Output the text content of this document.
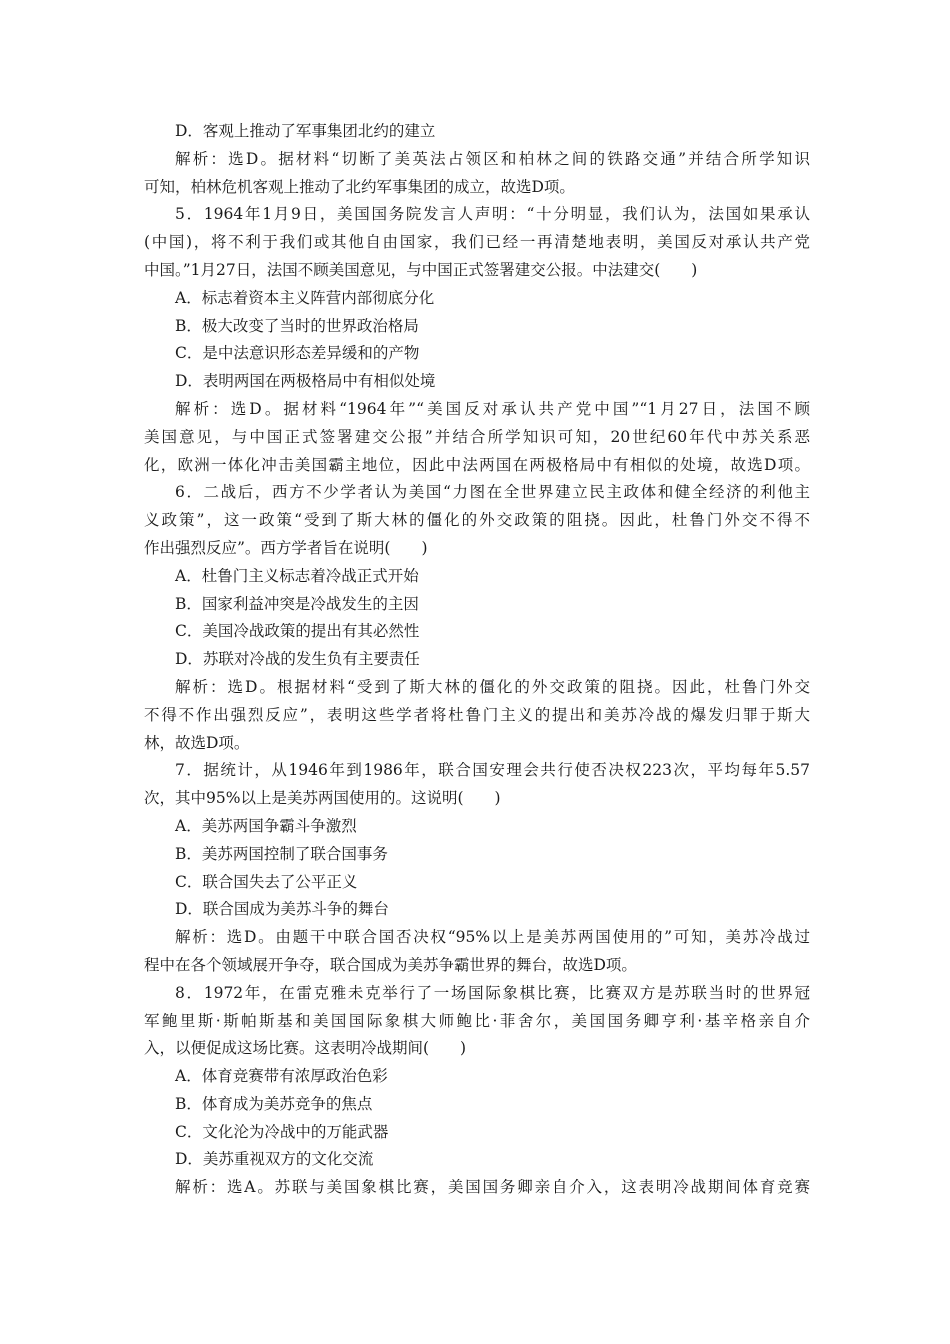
D．客观上推动了军事集团北约的建立
解析：选D。据材料“切断了美英法占领区和柏林之间的铁路交通”并结合所学知识
可知，柏林危机客观上推动了北约军事集团的成立，故选D项。
5．1964年1月9日，美国国务院发言人声明：“十分明显，我们认为，法国如果承认
(中国)，将不利于我们或其他自由国家，我们已经一再清楚地表明，美国反对承认共产党
中国。”1月27日，法国不顾美国意见，与中国正式签署建交公报。中法建交(　　)
A．标志着资本主义阵营内部彻底分化
B．极大改变了当时的世界政治格局
C．是中法意识形态差异缓和的产物
D．表明两国在两极格局中有相似处境
解析：选D。据材料“1964年”“美国反对承认共产党中国”“1月27日，法国不顾
美国意见，与中国正式签署建交公报”并结合所学知识可知，20世纪60年代中苏关系恶
化，欧洲一体化冲击美国霸主地位，因此中法两国在两极格局中有相似的处境，故选D项。
6．二战后，西方不少学者认为美国“力图在全世界建立民主政体和健全经济的利他主
义政策”，这一政策“受到了斯大林的僵化的外交政策的阻挠。因此，杜鲁门外交不得不
作出强烈反应”。西方学者旨在说明(　　)
A．杜鲁门主义标志着冷战正式开始
B．国家利益冲突是冷战发生的主因
C．美国冷战政策的提出有其必然性
D．苏联对冷战的发生负有主要责任
解析：选D。根据材料“受到了斯大林的僵化的外交政策的阻挠。因此，杜鲁门外交
不得不作出强烈反应”，表明这些学者将杜鲁门主义的提出和美苏冷战的爆发归罪于斯大
林，故选D项。
7．据统计，从1946年到1986年，联合国安理会共行使否决权223次，平均每年5.57
次，其中95%以上是美苏两国使用的。这说明(　　)
A．美苏两国争霸斗争激烈
B．美苏两国控制了联合国事务
C．联合国失去了公平正义
D．联合国成为美苏斗争的舞台
解析：选D。由题干中联合国否决权“95%以上是美苏两国使用的”可知，美苏冷战过
程中在各个领域展开争夺，联合国成为美苏争霸世界的舞台，故选D项。
8．1972年，在雷克雅未克举行了一场国际象棋比赛，比赛双方是苏联当时的世界冠
军鲍里斯·斯帕斯基和美国国际象棋大师鲍比·菲舍尔，美国国务卿亨利·基辛格亲自介
入，以便促成这场比赛。这表明冷战期间(　　)
A．体育竞赛带有浓厚政治色彩
B．体育成为美苏竞争的焦点
C．文化沦为冷战中的万能武器
D．美苏重视双方的文化交流
解析：选A。苏联与美国象棋比赛，美国国务卿亲自介入，这表明冷战期间体育竞赛
